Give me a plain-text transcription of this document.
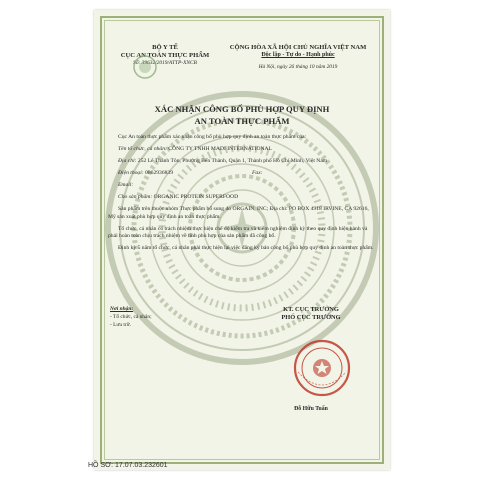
BỘ Y TẾ
CỤC AN TOÀN THỰC PHẨM
Số: 39632/2019/ATTP-XNCB
CỘNG HÒA XÃ HỘI CHỦ NGHĨA VIỆT NAM
Độc lập - Tự do - Hạnh phúc
Hà Nội, ngày 26 tháng 10 năm 2019
XÁC NHẬN CÔNG BỐ PHÙ HỢP QUY ĐỊNH
AN TOÀN THỰC PHẨM

Cục An toàn thực phẩm xác nhận công bố phù hợp quy định an toàn thực phẩm của:

Tên tổ chức, cá nhân: CÔNG TY TNHH MADI INTERNATIONAL

Địa chỉ: 252 Lê Thánh Tôn, Phường Bến Thành, Quận 1, Thành phố Hồ Chí Minh, Việt Nam

Điện thoại: 0862936839	Fax:

Email:

Cho sản phẩm: ORGANIC PROTEIN SUPERFOOD

Sản phẩm trên thuộc nhóm Thực phẩm bổ sung do ORGAIN, INC; Địa chỉ: PO BOX 4918 IRVINE, CA 92616, Mỹ sản xuất phù hợp quy định an toàn thực phẩm.

Tổ chức, cá nhân có trách nhiệm thực hiện chế độ kiểm tra và kiểm nghiệm định kỳ theo quy định hiện hành và phải hoàn toàn chịu trách nhiệm về tính phù hợp của sản phẩm đã công bố.

Định kỳ 5 năm tổ chức, cá nhân phải thực hiện lại việc đăng ký bản công bố phù hợp quy định an toàn thực phẩm.

Nơi nhận:
- Tổ chức, cá nhân;
- Lưu trữ.
KT. CỤC TRƯỞNG
PHÓ CỤC TRƯỞNG
Đỗ Hữu Tuấn
HỒ SƠ: 17.07.03.232601
